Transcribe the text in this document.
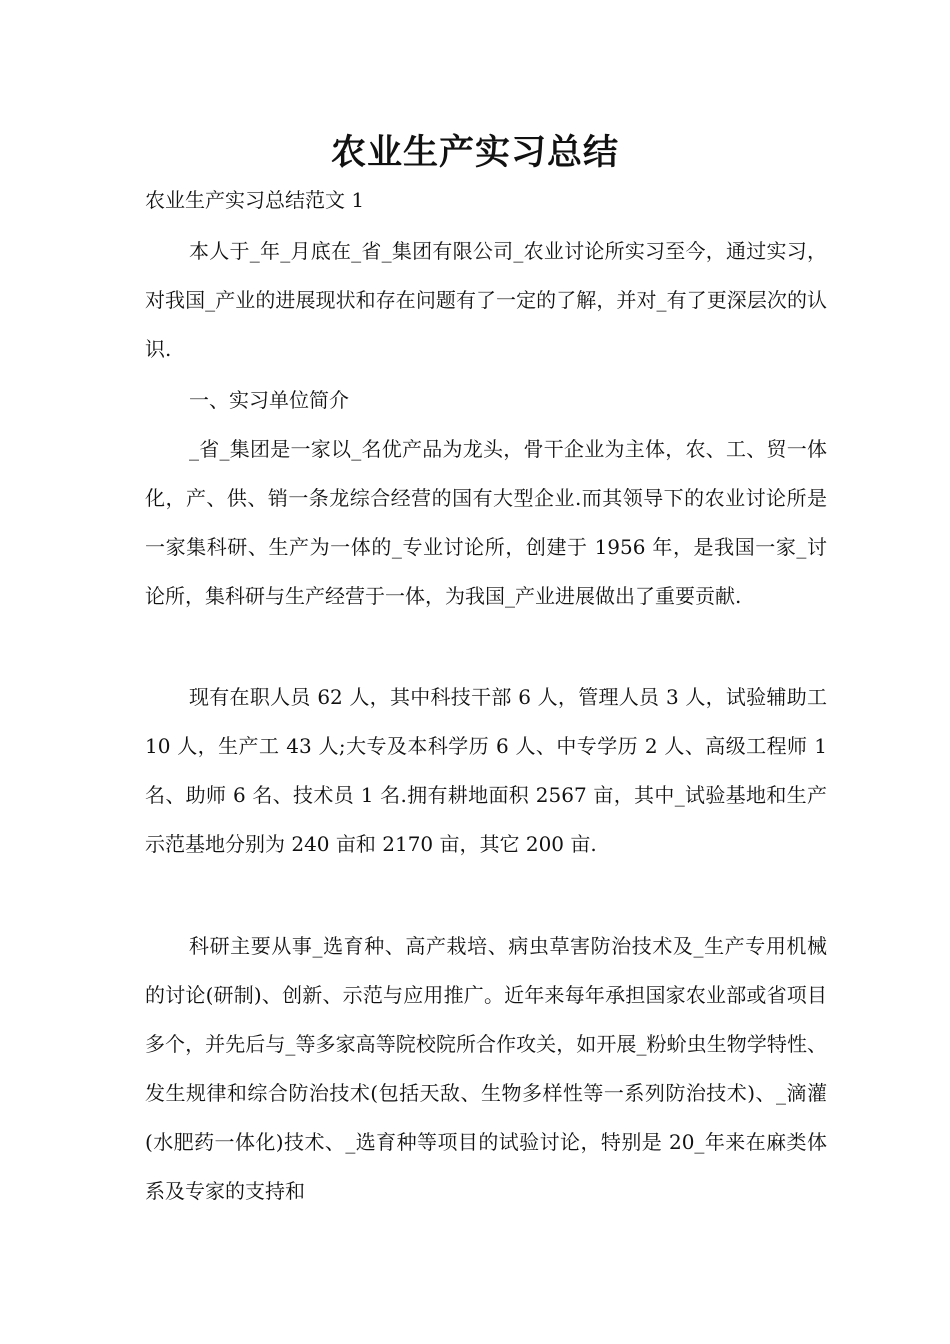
农业生产实习总结

农业生产实习总结范文 1

本人于_年_月底在_省_集团有限公司_农业讨论所实习至今，通过实习，对我国_产业的进展现状和存在问题有了一定的了解，并对_有了更深层次的认识.

一、实习单位简介

_省_集团是一家以_名优产品为龙头，骨干企业为主体，农、工、贸一体化，产、供、销一条龙综合经营的国有大型企业.而其领导下的农业讨论所是一家集科研、生产为一体的_专业讨论所，创建于 1956 年，是我国一家_讨论所，集科研与生产经营于一体，为我国_产业进展做出了重要贡献.

现有在职人员 62 人，其中科技干部 6 人，管理人员 3 人，试验辅助工 10 人，生产工 43 人;大专及本科学历 6 人、中专学历 2 人、高级工程师 1 名、助师 6 名、技术员 1 名.拥有耕地面积 2567 亩，其中_试验基地和生产示范基地分别为 240 亩和 2170 亩，其它 200 亩.

科研主要从事_选育种、高产栽培、病虫草害防治技术及_生产专用机械的讨论(研制)、创新、示范与应用推广。近年来每年承担国家农业部或省项目多个，并先后与_等多家高等院校院所合作攻关，如开展_粉蚧虫生物学特性、发生规律和综合防治技术(包括天敌、生物多样性等一系列防治技术)、_滴灌(水肥药一体化)技术、_选育种等项目的试验讨论，特别是 20_年来在麻类体系及专家的支持和
